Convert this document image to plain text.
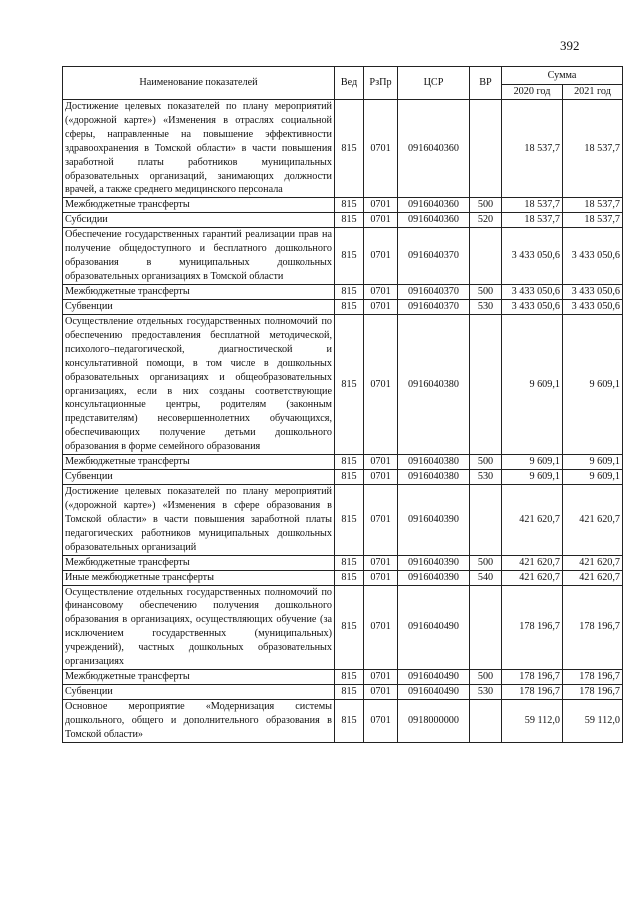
392
Наименование показателей	Вед	РзПр	ЦСР	ВР	Сумма	
					2020 год	2021 год
Достижение целевых показателей по плану мероприятий («дорожной карте») «Изменения в отраслях социальной сферы, направленные на повышение эффективности здравоохранения в Томской области» в части повышения заработной платы работников муниципальных образовательных организаций, занимающих должности врачей, а также среднего медицинского персонала	815	0701	0916040360		18 537,7	18 537,7
Межбюджетные трансферты	815	0701	0916040360	500	18 537,7	18 537,7
Субсидии	815	0701	0916040360	520	18 537,7	18 537,7
Обеспечение государственных гарантий реализации прав на получение общедоступного и бесплатного дошкольного образования в муниципальных дошкольных образовательных организациях в Томской области	815	0701	0916040370		3 433 050,6	3 433 050,6
Межбюджетные трансферты	815	0701	0916040370	500	3 433 050,6	3 433 050,6
Субвенции	815	0701	0916040370	530	3 433 050,6	3 433 050,6
Осуществление отдельных государственных полномочий по обеспечению предоставления бесплатной методической, психолого–педагогической, диагностической и консультативной помощи, в том числе в дошкольных образовательных организациях и общеобразовательных организациях, если в них созданы соответствующие консультационные центры, родителям (законным представителям) несовершеннолетних обучающихся, обеспечивающих получение детьми дошкольного образования в форме семейного образования	815	0701	0916040380		9 609,1	9 609,1
Межбюджетные трансферты	815	0701	0916040380	500	9 609,1	9 609,1
Субвенции	815	0701	0916040380	530	9 609,1	9 609,1
Достижение целевых показателей по плану мероприятий («дорожной карте») «Изменения в сфере образования в Томской области» в части повышения заработной платы педагогических работников муниципальных дошкольных образовательных организаций	815	0701	0916040390		421 620,7	421 620,7
Межбюджетные трансферты	815	0701	0916040390	500	421 620,7	421 620,7
Иные межбюджетные трансферты	815	0701	0916040390	540	421 620,7	421 620,7
Осуществление отдельных государственных полномочий по финансовому обеспечению получения дошкольного образования в организациях, осуществляющих обучение (за исключением государственных (муниципальных) учреждений), частных дошкольных образовательных организациях	815	0701	0916040490		178 196,7	178 196,7
Межбюджетные трансферты	815	0701	0916040490	500	178 196,7	178 196,7
Субвенции	815	0701	0916040490	530	178 196,7	178 196,7
Основное мероприятие «Модернизация системы дошкольного, общего и дополнительного образования в Томской области»	815	0701	0918000000		59 112,0	59 112,0
